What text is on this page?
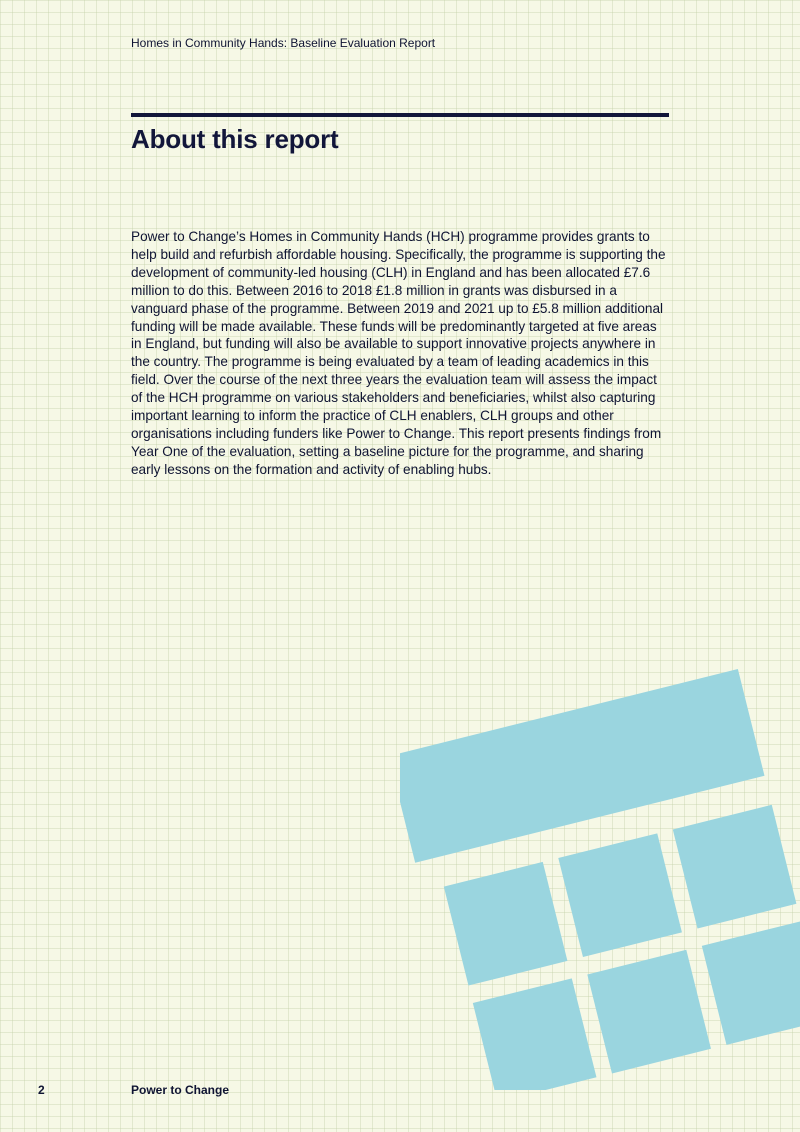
Homes in Community Hands: Baseline Evaluation Report
About this report

Power to Change’s Homes in Community Hands (HCH) programme provides grants to help build and refurbish affordable housing. Specifically, the programme is supporting the development of community-led housing (CLH) in England and has been allocated £7.6 million to do this. Between 2016 to 2018 £1.8 million in grants was disbursed in a vanguard phase of the programme. Between 2019 and 2021 up to £5.8 million additional funding will be made available. These funds will be predominantly targeted at five areas in England, but funding will also be available to support innovative projects anywhere in the country. The programme is being evaluated by a team of leading academics in this field. Over the course of the next three years the evaluation team will assess the impact of the HCH programme on various stakeholders and beneficiaries, whilst also capturing important learning to inform the practice of CLH enablers, CLH groups and other organisations including funders like Power to Change. This report presents findings from Year One of the evaluation, setting a baseline picture for the programme, and sharing early lessons on the formation and activity of enabling hubs.

2	Power to Change
